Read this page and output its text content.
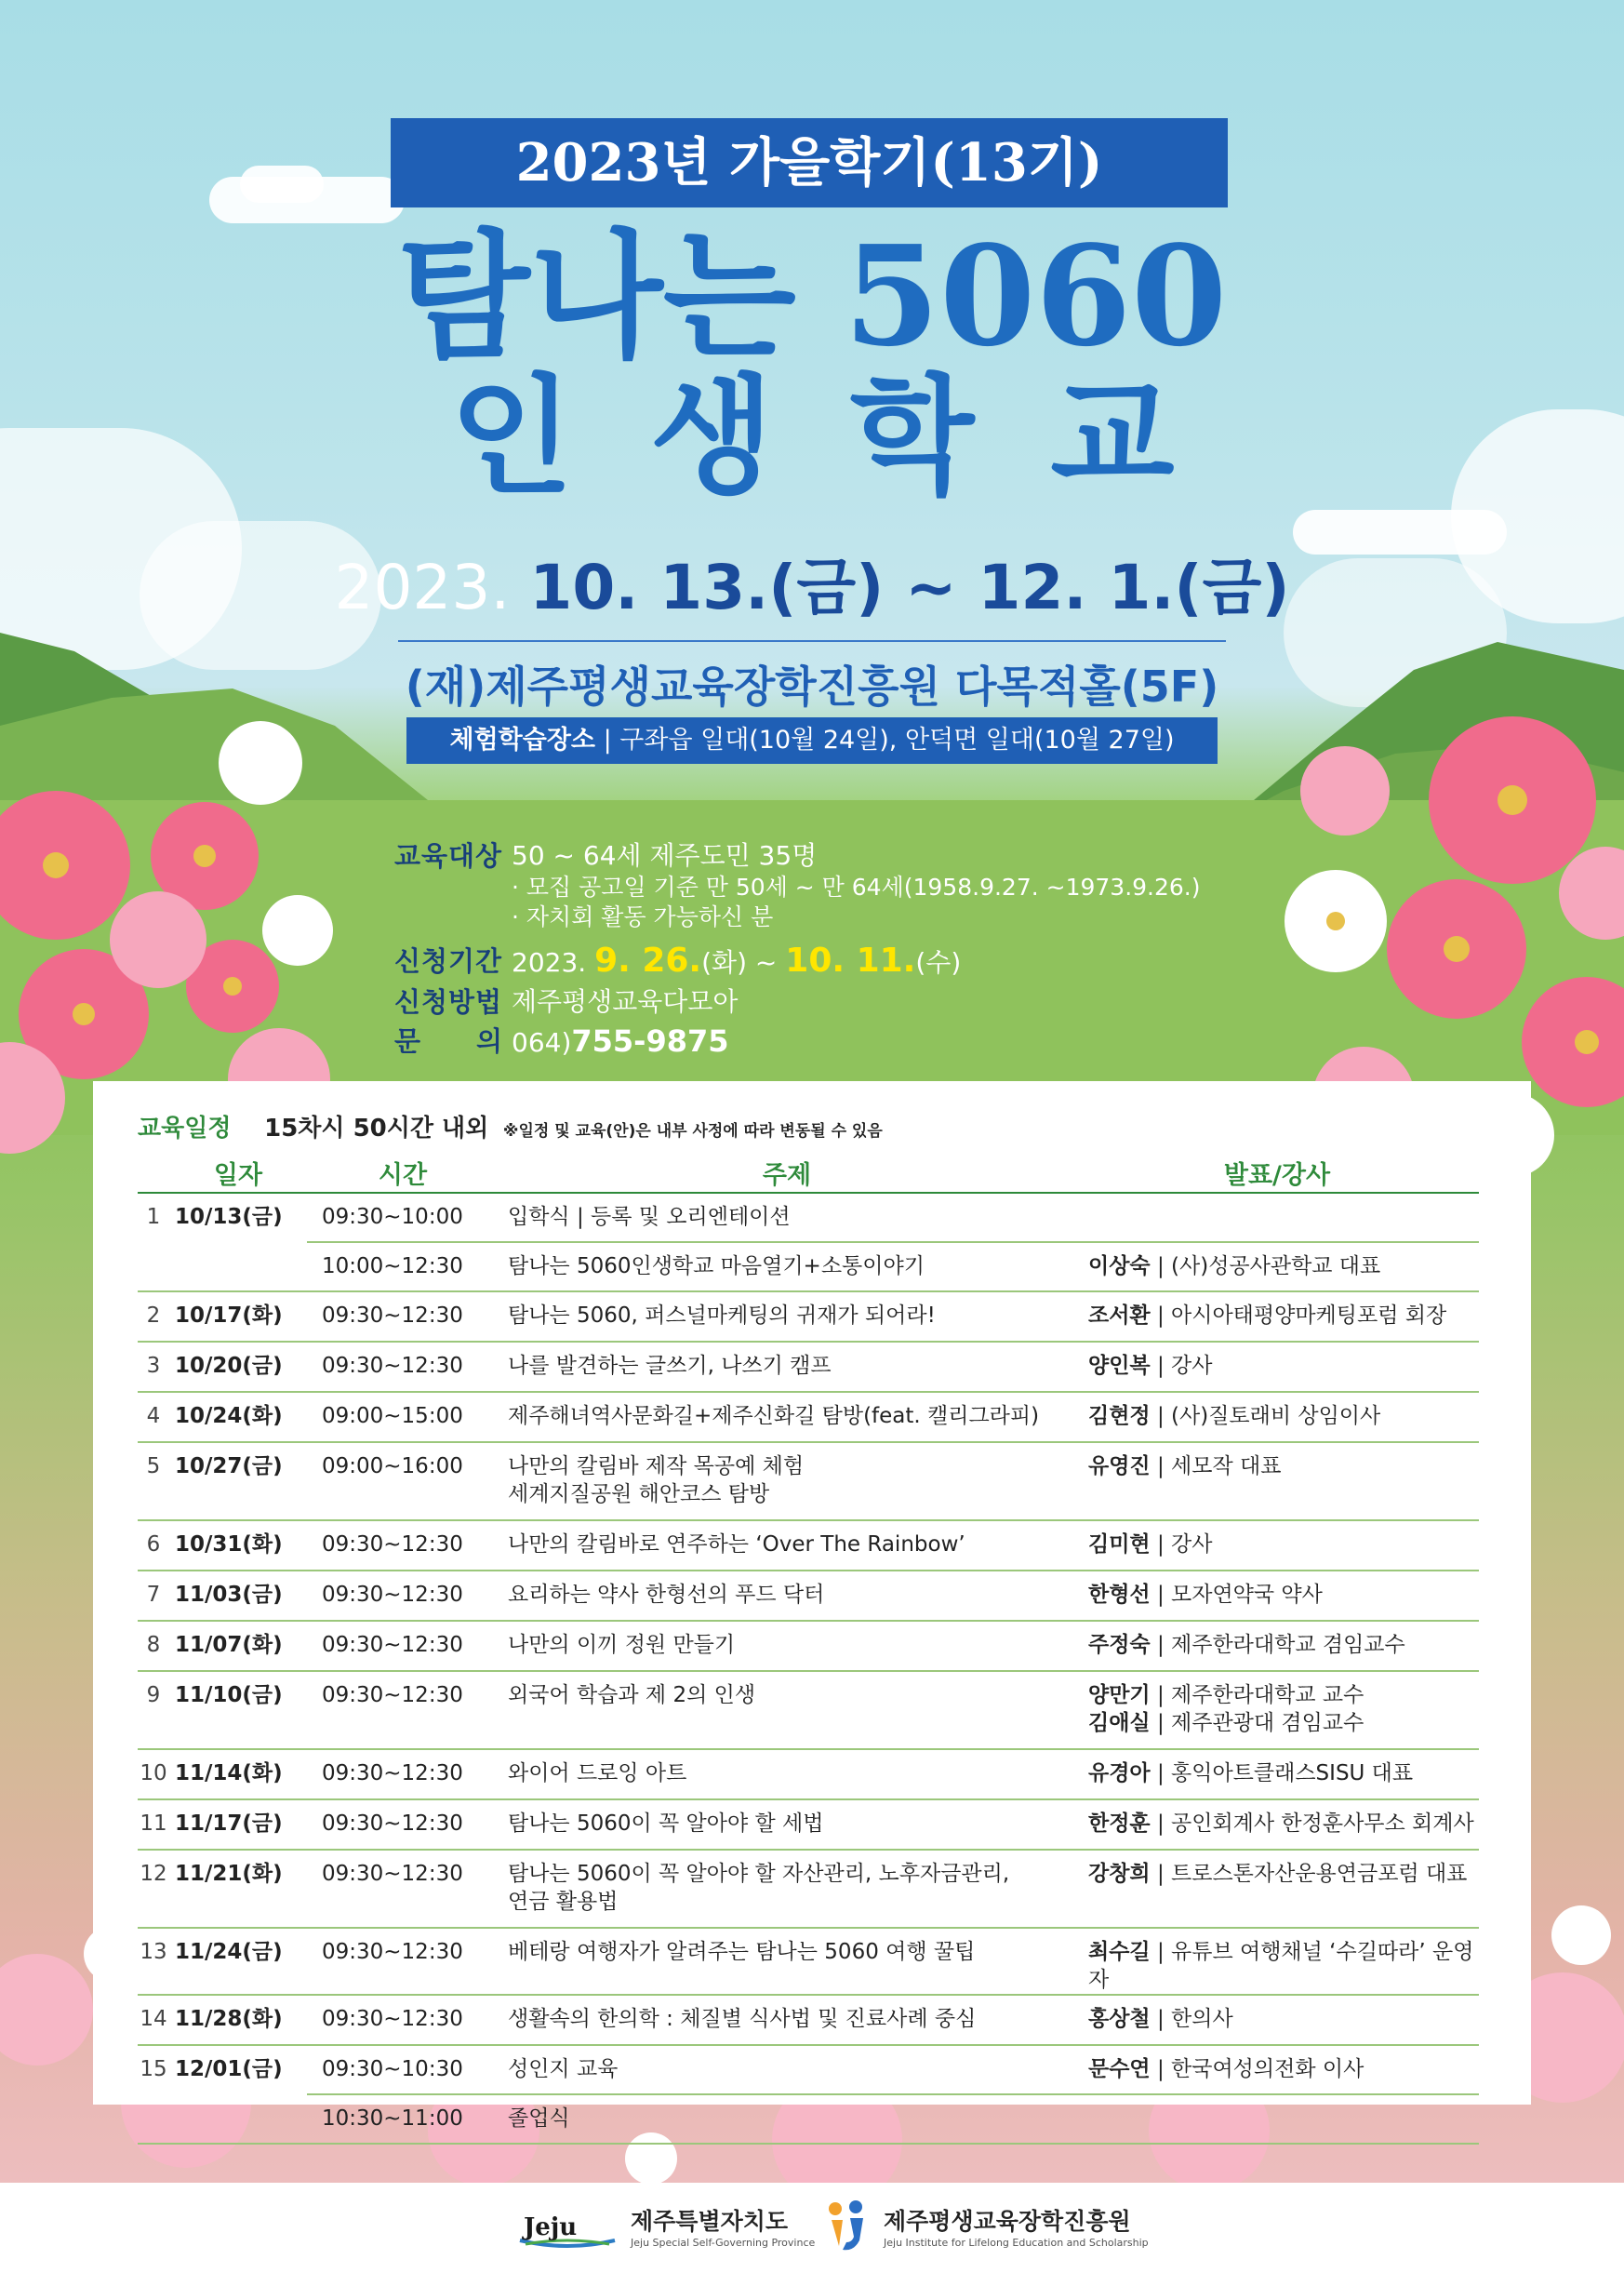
2023년 가을학기(13기)
탐나는 5060
인생학교
2023. 10. 13.(금) ~ 12. 1.(금)
(재)제주평생교육장학진흥원 다목적홀(5F)
체험학습장소 | 구좌읍 일대(10월 24일), 안덕면 일대(10월 27일)
교육대상 50 ~ 64세 제주도민 35명
· 모집 공고일 기준 만 50세 ~ 만 64세(1958.9.27. ~1973.9.26.)
· 자치회 활동 가능하신 분
신청기간 2023. 9. 26.(화) ~ 10. 11.(수)
신청방법 제주평생교육다모아
문 의 064)755-9875
교육일정 15차시 50시간 내외 ※일정 및 교육(안)은 내부 사정에 따라 변동될 수 있음
	일자	시간	주제	발표/강사
1	10/13(금)	09:30~10:00	입학식 | 등록 및 오리엔테이션	

		10:00~12:30	탐나는 5060인생학교 마음열기+소통이야기	이상숙 | (사)성공사관학교 대표

2	10/17(화)	09:30~12:30	탐나는 5060, 퍼스널마케팅의 귀재가 되어라!	조서환 | 아시아태평양마케팅포럼 회장

3	10/20(금)	09:30~12:30	나를 발견하는 글쓰기, 나쓰기 캠프	양인복 | 강사

4	10/24(화)	09:00~15:00	제주해녀역사문화길+제주신화길 탐방(feat. 캘리그라피)	김현정 | (사)질토래비 상임이사

5	10/27(금)	09:00~16:00	나만의 칼림바 제작 목공예 체험
세계지질공원 해안코스 탐방	유영진 | 세모작 대표

6	10/31(화)	09:30~12:30	나만의 칼림바로 연주하는 ‘Over The Rainbow’	김미현 | 강사

7	11/03(금)	09:30~12:30	요리하는 약사 한형선의 푸드 닥터	한형선 | 모자연약국 약사

8	11/07(화)	09:30~12:30	나만의 이끼 정원 만들기	주정숙 | 제주한라대학교 겸임교수

9	11/10(금)	09:30~12:30	외국어 학습과 제 2의 인생	양만기 | 제주한라대학교 교수
김애실 | 제주관광대 겸임교수

10	11/14(화)	09:30~12:30	와이어 드로잉 아트	유경아 | 홍익아트클래스SISU 대표

11	11/17(금)	09:30~12:30	탐나는 5060이 꼭 알아야 할 세법	한정훈 | 공인회계사 한정훈사무소 회계사

12	11/21(화)	09:30~12:30	탐나는 5060이 꼭 알아야 할 자산관리, 노후자금관리,
연금 활용법	강창희 | 트로스톤자산운용연금포럼 대표

13	11/24(금)	09:30~12:30	베테랑 여행자가 알려주는 탐나는 5060 여행 꿀팁	최수길 | 유튜브 여행채널 ‘수길따라’ 운영자

14	11/28(화)	09:30~12:30	생활속의 한의학 : 체질별 식사법 및 진료사례 중심	홍상철 | 한의사

15	12/01(금)	09:30~10:30	성인지 교육	문수연 | 한국여성의전화 이사

		10:30~11:00	졸업식	

Jeju 제주특별자치도
Jeju Special Self-Governing Province
제주평생교육장학진흥원
Jeju Institute for Lifelong Education and Scholarship
